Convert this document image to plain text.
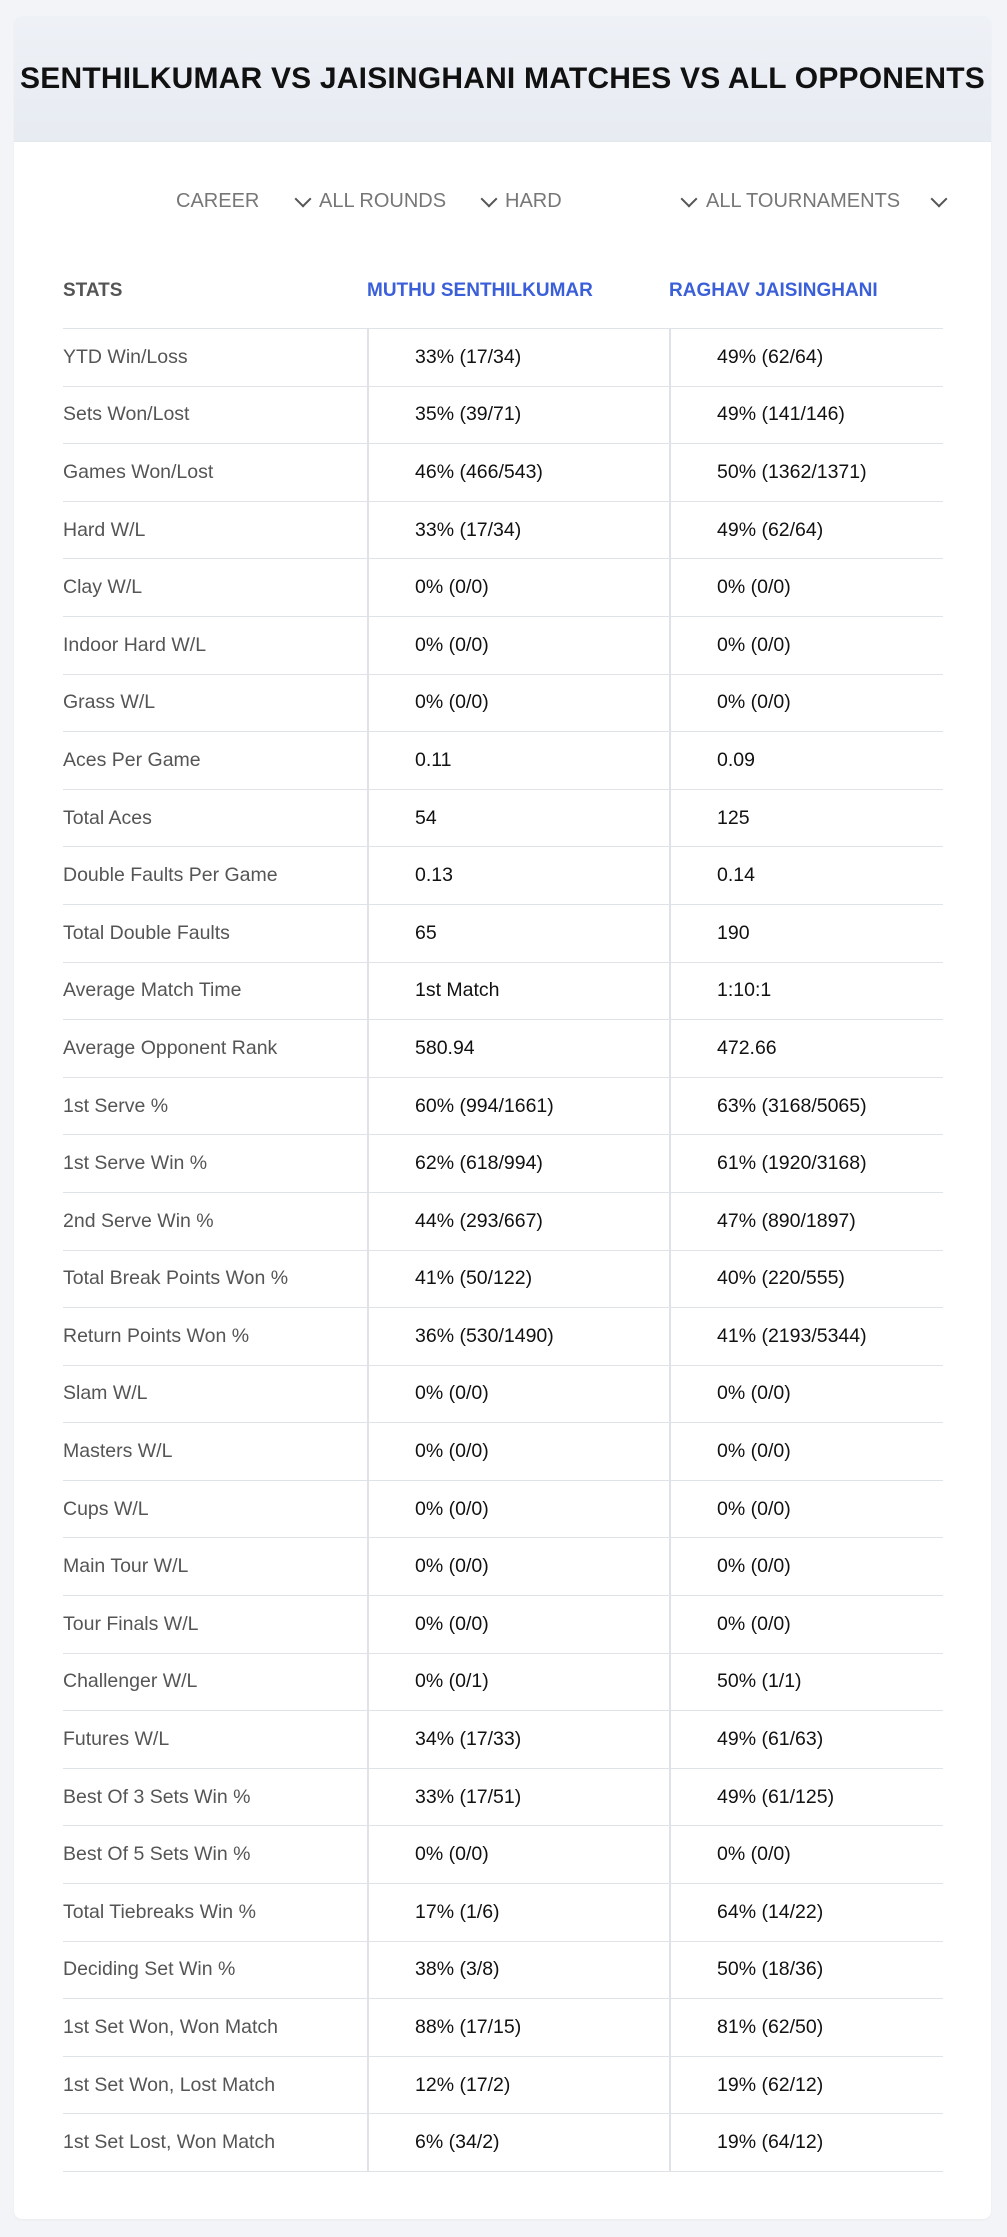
SENTHILKUMAR VS JAISINGHANI MATCHES VS ALL OPPONENTS
CAREER	ALL ROUNDS	HARD	ALL TOURNAMENTS
STATS	MUTHU SENTHILKUMAR	RAGHAV JAISINGHANI
YTD Win/Loss	33% (17/34)	49% (62/64)
Sets Won/Lost	35% (39/71)	49% (141/146)
Games Won/Lost	46% (466/543)	50% (1362/1371)
Hard W/L	33% (17/34)	49% (62/64)
Clay W/L	0% (0/0)	0% (0/0)
Indoor Hard W/L	0% (0/0)	0% (0/0)
Grass W/L	0% (0/0)	0% (0/0)
Aces Per Game	0.11	0.09
Total Aces	54	125
Double Faults Per Game	0.13	0.14
Total Double Faults	65	190
Average Match Time	1st Match	1:10:1
Average Opponent Rank	580.94	472.66
1st Serve %	60% (994/1661)	63% (3168/5065)
1st Serve Win %	62% (618/994)	61% (1920/3168)
2nd Serve Win %	44% (293/667)	47% (890/1897)
Total Break Points Won %	41% (50/122)	40% (220/555)
Return Points Won %	36% (530/1490)	41% (2193/5344)
Slam W/L	0% (0/0)	0% (0/0)
Masters W/L	0% (0/0)	0% (0/0)
Cups W/L	0% (0/0)	0% (0/0)
Main Tour W/L	0% (0/0)	0% (0/0)
Tour Finals W/L	0% (0/0)	0% (0/0)
Challenger W/L	0% (0/1)	50% (1/1)
Futures W/L	34% (17/33)	49% (61/63)
Best Of 3 Sets Win %	33% (17/51)	49% (61/125)
Best Of 5 Sets Win %	0% (0/0)	0% (0/0)
Total Tiebreaks Win %	17% (1/6)	64% (14/22)
Deciding Set Win %	38% (3/8)	50% (18/36)
1st Set Won, Won Match	88% (17/15)	81% (62/50)
1st Set Won, Lost Match	12% (17/2)	19% (62/12)
1st Set Lost, Won Match	6% (34/2)	19% (64/12)
